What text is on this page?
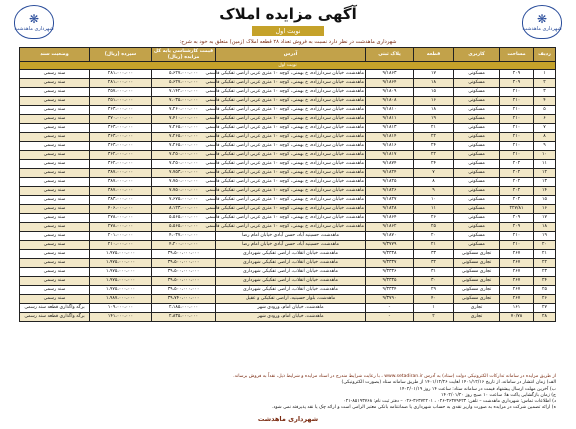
❋
شهرداری ماهدشت
آگهی مزایده املاک
نوبت اول
❋
شهرداری ماهدشت
شهرداری ماهدشت در نظر دارد نسبت به فروش تعداد ۲۸ قطعه املاک (زمین) متعلق به خود به شرح:
ردیف	مساحت	کاربری	قطعه	پلاک ثبتی	آدرس	قیمت کارشناسی پایه کل مزایده (ریال)	سپرده (ریال)	وضعیت سند
نوبت اول								
۱	۲۰۹	مسکونی	۱۷	۹/۱۸۶۳	ماهدشت، خیابان سردارزاده، خ بهمنی، کوچه ۱۰ متری غربی اراضی تفکیکی قاسمی	۵،۶۲۷،۰۰۰،۰۰۰	۲۸۱،۰۰۰،۰۰۰	سند رسمی
۲	۲۰۹	مسکونی	۱۸	۹/۱۸۶۴	ماهدشت، خیابان سردارزاده، خ بهمنی، کوچه ۱۰ متری غربی اراضی تفکیکی قاسمی	۵،۶۲۷،۰۰۰،۰۰۰	۲۸۱،۰۰۰،۰۰۰	سند رسمی
۳	۲۱۰	مسکونی	۱۵	۹/۱۸۰۹	ماهدشت، خیابان سردارزاده، خ بهمنی، کوچه ۱۰ متری غربی اراضی تفکیکی قاسمی	۷،۱۴۲،۰۰۰،۰۰۰	۳۵۷،۰۰۰،۰۰۰	سند رسمی
۴	۲۱۰	مسکونی	۱۶	۹/۱۸۰۸	ماهدشت، خیابان سردارزاده، خ بهمنی، کوچه ۱۰ متری غربی اراضی تفکیکی قاسمی	۷،۰۳۵،۰۰۰،۰۰۰	۳۵۱،۰۰۰،۰۰۰	سند رسمی
۵	۲۱۰	مسکونی	۱۸	۹/۱۸۱۰	ماهدشت، خیابان سردارزاده، خ بهمنی، کوچه ۱۰ متری غربی اراضی تفکیکی قاسمی	۷،۲۶۰،۰۰۰،۰۰۰	۳۶۳،۰۰۰،۰۰۰	سند رسمی
۶	۲۱۰	مسکونی	۱۹	۹/۱۸۱۱	ماهدشت، خیابان سردارزاده، خ بهمنی، کوچه ۱۰ متری غربی اراضی تفکیکی قاسمی	۷،۴۱۰،۰۰۰،۰۰۰	۳۷۰،۰۰۰،۰۰۰	سند رسمی
۷	۲۱۰	مسکونی	۲۱	۹/۱۸۱۳	ماهدشت، خیابان سردارزاده، خ بهمنی، کوچه ۱۰ متری غربی اراضی تفکیکی قاسمی	۷،۲۶۵،۰۰۰،۰۰۰	۳۶۳،۰۰۰،۰۰۰	سند رسمی
۸	۲۱۰	مسکونی	۲۲	۹/۱۸۱۴	ماهدشت، خیابان سردارزاده، خ بهمنی، کوچه ۱۰ متری غربی اراضی تفکیکی قاسمی	۷،۲۶۵،۰۰۰،۰۰۰	۳۶۳،۰۰۰،۰۰۰	سند رسمی
۹	۲۱۰	مسکونی	۲۴	۹/۱۸۱۶	ماهدشت، خیابان سردارزاده، خ بهمنی، کوچه ۱۰ متری غربی اراضی تفکیکی قاسمی	۷،۲۶۵،۰۰۰،۰۰۰	۳۶۳،۰۰۰،۰۰۰	سند رسمی
۱۰	۲۱۰	مسکونی	۲۲	۹/۱۸۱۷	ماهدشت، خیابان سردارزاده، خ بهمنی، کوچه ۱۰ متری غربی اراضی تفکیکی قاسمی	۷،۲۵۰،۰۰۰،۰۰۰	۳۶۲،۰۰۰،۰۰۰	سند رسمی
۱۱	۲۰۲	مسکونی	۲۴	۹/۱۸۷۴	ماهدشت، خیابان سردارزاده، خ بهمنی، کوچه ۱۰ متری غربی اراضی تفکیکی قاسمی	۷،۲۵۰،۰۰۰،۰۰۰	۳۶۲،۰۰۰،۰۰۰	سند رسمی
۱۲	۲۰۲	مسکونی	۷	۹/۱۸۲۴	ماهدشت، خیابان سردارزاده، خ بهمنی، کوچه ۱۰ متری غربی اراضی تفکیکی قاسمی	۷،۷۵۳،۰۰۰،۰۰۰	۳۸۷،۰۰۰،۰۰۰	سند رسمی
۱۳	۲۰۲	مسکونی	۸	۹/۱۸۲۵	ماهدشت، خیابان سردارزاده، خ بهمنی، کوچه ۱۰ متری غربی اراضی تفکیکی قاسمی	۷،۷۵۰،۰۰۰،۰۰۰	۳۸۷،۰۰۰،۰۰۰	سند رسمی
۱۴	۲۰۲	مسکونی	۹	۹/۱۸۲۶	ماهدشت، خیابان سردارزاده، خ بهمنی، کوچه ۱۰ متری غربی اراضی تفکیکی قاسمی	۷،۷۵۰،۰۰۰،۰۰۰	۳۸۷،۰۰۰،۰۰۰	سند رسمی
۱۵	۲۰۲	مسکونی	۱۰	۹/۱۸۲۷	ماهدشت، خیابان سردارزاده، خ بهمنی، کوچه ۱۰ متری غربی اراضی تفکیکی قاسمی	۷،۶۷۵،۰۰۰،۰۰۰	۳۸۳،۰۰۰،۰۰۰	سند رسمی
۱۶	۲۲۷/۸۱	مسکونی	۱۱	۹/۱۸۲۸	ماهدشت، خیابان سردارزاده، خ بهمنی، کوچه ۱۰ متری غربی اراضی تفکیکی قاسمی	۸،۱۲۳،۰۰۰،۰۰۰	۴۰۶،۰۰۰،۰۰۰	سند رسمی
۱۷	۲۰۹	مسکونی	۲۶	۹/۱۸۶۴	ماهدشت، خیابان سردارزاده، خ بهمنی، کوچه ۱۰ متری غربی اراضی تفکیکی قاسمی	۵،۵۶۵،۰۰۰،۰۰۰	۲۷۸،۰۰۰،۰۰۰	سند رسمی
۱۸	۲۰۹	مسکونی	۲۵	۹/۱۸۶۲	ماهدشت، خیابان سردارزاده، خ بهمنی، کوچه ۱۰ متری غربی اراضی تفکیکی قاسمی	۵،۵۶۵،۰۰۰،۰۰۰	۲۷۸،۰۰۰،۰۰۰	سند رسمی
۱۹	۲۱۰	مسکونی	۲۰	۹/۱۸۷۰	ماهدشت، حسینیه آباد، حسن آبادی خیابان امام رضا	۴،۰۳۷،۰۰۰،۰۰۰	۲۰۱،۰۰۰،۰۰۰	سند رسمی
۲۰	۲۱۰	مسکونی	۲۱	۹/۳۷۷۹	ماهدشت، حسینیه آباد، حسن آبادی خیابان امام رضا	۴،۲۰۰،۰۰۰،۰۰۰	۲۱۰،۰۰۰،۰۰۰	سند رسمی
۲۱	۲۶۷	تجاری مسکونی	۳۳	۹/۳۳۳۸	ماهدشت، خیابان انقلاب، اراضی تفکیکی شهرداری	۳۹،۵۰۰،۰۰۰،۰۰۰	۱،۹۷۵،۰۰۰،۰۰۰	سند رسمی
۲۲	۲۶۷	تجاری مسکونی	۳۲	۹/۳۳۳۷	ماهدشت، خیابان انقلاب، اراضی تفکیکی شهرداری	۳۹،۵۰۰،۰۰۰،۰۰۰	۱،۹۷۵،۰۰۰،۰۰۰	سند رسمی
۲۳	۲۶۷	تجاری مسکونی	۳۱	۹/۳۳۳۶	ماهدشت، خیابان انقلاب، اراضی تفکیکی شهرداری	۳۹،۵۰۰،۰۰۰،۰۰۰	۱،۹۷۵،۰۰۰،۰۰۰	سند رسمی
۲۴	۲۶۷	تجاری مسکونی	۳۰	۹/۳۳۳۵	ماهدشت، خیابان انقلاب، اراضی تفکیکی شهرداری	۳۹،۵۰۰،۰۰۰،۰۰۰	۱،۹۷۵،۰۰۰،۰۰۰	سند رسمی
۲۵	۲۶۷	تجاری مسکونی	۲۹	۹/۳۳۳۴	ماهدشت، خیابان انقلاب، اراضی تفکیکی شهرداری	۳۹،۵۰۰،۰۰۰،۰۰۰	۱،۹۷۵،۰۰۰،۰۰۰	سند رسمی
۲۶	۲۶۷	تجاری مسکونی	۴۰	۹/۳۷۹۰	ماهدشت، بلوار حسینیه، اراضی تفکیکی و عقیل	۳۹،۷۴۰،۰۰۰،۰۰۰	۱،۹۸۷،۰۰۰،۰۰۰	سند رسمی
۲۷	۱۶۱	تجاری	۱	-	ماهدشت، خیابان امام، ورودی شهر	۲،۱۸۵،۰۰۰،۰۰۰	۱۰۹،۰۰۰،۰۰۰	برگه واگذاری قطعه سند رسمی
۲۸	۷۰/۷۸	تجاری	۲	-	ماهدشت، خیابان امام، ورودی شهر	۲،۸۳۵،۰۰۰،۰۰۰	۱۴۱،۰۰۰،۰۰۰	برگه واگذاری قطعه سند رسمی

از طریق مزایده در سامانه تدارکات الکترونیکی دولت (ستاد) به آدرس www.setadiran.ir ، با رعایت شرایط مندرج در اسناد مزایده و شرایط ذیل، نقداً به فروش برساند.

الف) زمان انتشار در سامانه، از تاریخ ۱۴۰۱/۱۲/۱۶ لغایت ۱۴۰۱/۱۲/۲۶ از طریق سامانه ستاد (بصورت الکترونیکی)

ب) آخرین مهلت ارسال پیشنهاد قیمت در سامانه ستاد: ساعت ۱۴ روز ۱۴۰۲/۰۱/۱۹

ج) زمان بازگشایی پاکت ها: ساعت ۱۰ صبح روز ۱۴۰۲/۰۱/۲۰

د) اطلاعات تماس: شهرداری ماهدشت – تلفن: ۳۶۳۷۹۴۲۳-۰۲۶ ، ۳۶۳۷۲۲۰۱-۰۲۶ – دفتر ثبت نام: ۸۵۱۹۳۷۶۸-۰۲۱

ه) ارائه تضمین شرکت در مزایده به صورت واریز نقدی به حساب شهرداری یا ضمانتنامه بانکی معتبر الزامی است و ارائه چک یا نقد پذیرفته نمی شود.

شهرداری ماهدشت
